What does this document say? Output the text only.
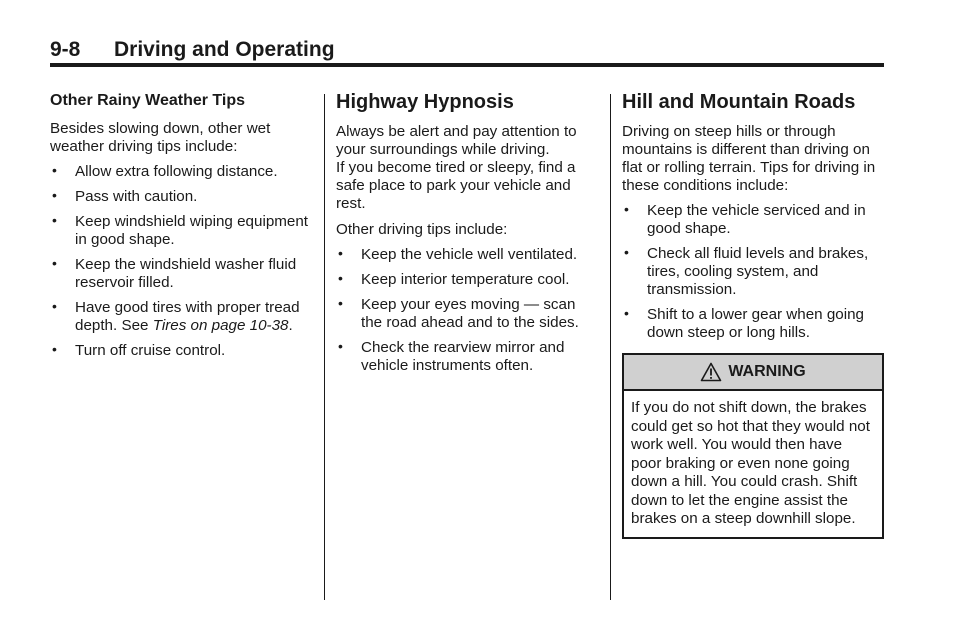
9-8 Driving and Operating
Other Rainy Weather Tips

Besides slowing down, other wet weather driving tips include:

• Allow extra following distance.
• Pass with caution.
• Keep windshield wiping equipment in good shape.
• Keep the windshield washer fluid reservoir filled.
• Have good tires with proper tread depth. See Tires on page 10-38.
• Turn off cruise control.
Highway Hypnosis
Always be alert and pay attention to your surroundings while driving.
If you become tired or sleepy, find a safe place to park your vehicle and rest.

Other driving tips include:

• Keep the vehicle well ventilated.
• Keep interior temperature cool.
• Keep your eyes moving — scan the road ahead and to the sides.
• Check the rearview mirror and vehicle instruments often.
Hill and Mountain Roads

Driving on steep hills or through mountains is different than driving on flat or rolling terrain. Tips for driving in these conditions include:

• Keep the vehicle serviced and in good shape.
• Check all fluid levels and brakes, tires, cooling system, and transmission.
• Shift to a lower gear when going down steep or long hills.
WARNING
If you do not shift down, the brakes could get so hot that they would not work well. You would then have poor braking or even none going down a hill. You could crash. Shift down to let the engine assist the brakes on a steep downhill slope.
